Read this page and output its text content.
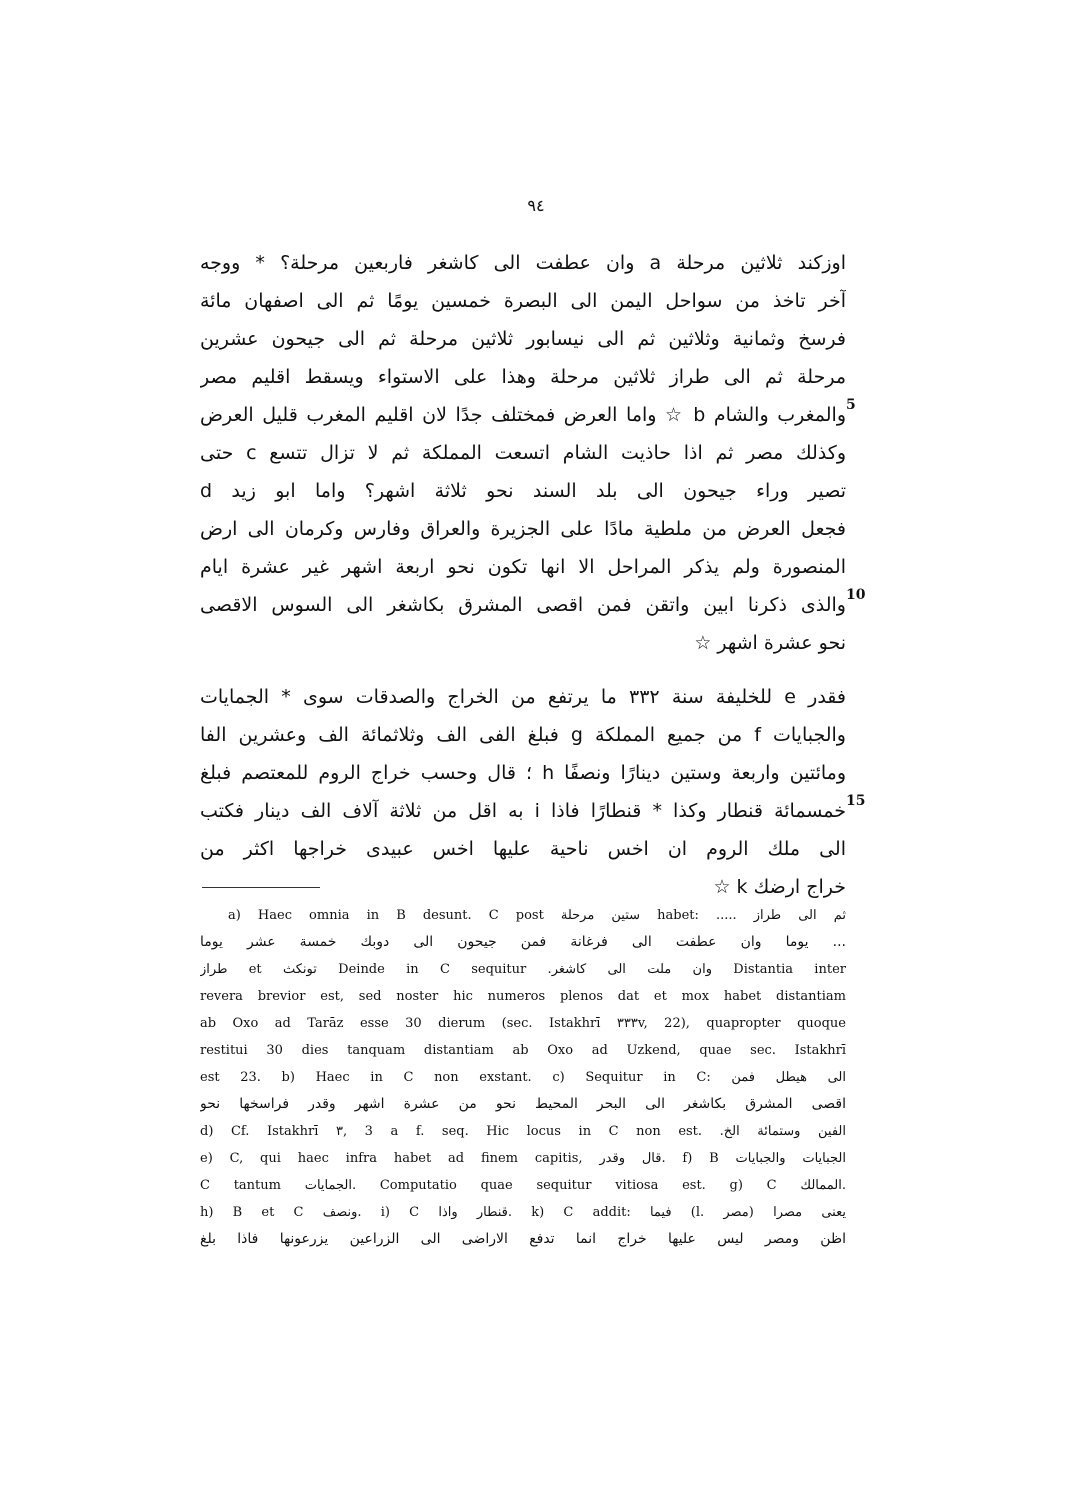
٩٤
اوزكند ثلاثين مرحلة a وان عطفت الى كاشغر فاربعين مرحلة؟ * ووجه
آخر تاخذ من سواحل اليمن الى البصرة خمسين يومًا ثم الى اصفهان مائة
فرسخ وثمانية وثلاثين ثم الى نيسابور ثلاثين مرحلة ثم الى جيحون عشرين
مرحلة ثم الى طراز ثلاثين مرحلة وهذا على الاستواء ويسقط اقليم مصر
والمغرب والشام b ☆ واما العرض فمختلف جدًا لان اقليم المغرب قليل العرض
وكذلك مصر ثم اذا حاذيت الشام اتسعت المملكة ثم لا تزال تتسع c حتى
تصير وراء جيحون الى بلد السند نحو ثلاثة اشهر؟ واما ابو زيد d
فجعل العرض من ملطية مادًا على الجزيرة والعراق وفارس وكرمان الى ارض
المنصورة ولم يذكر المراحل الا انها تكون نحو اربعة اشهر غير عشرة ايام
والذى ذكرنا ابين واتقن فمن اقصى المشرق بكاشغر الى السوس الاقصى
نحو عشرة اشهر ☆
فقدر e للخليفة سنة ٣٣٢ ما يرتفع من الخراج والصدقات سوى * الجمايات
والجبايات f من جميع المملكة g فبلغ الفى الف وثلاثمائة الف وعشرين الفا
ومائتين واربعة وستين دينارًا ونصفًا h ؛ قال وحسب خراج الروم للمعتصم فبلغ
خمسمائة قنطار وكذا * قنطارًا فاذا i به اقل من ثلاثة آلاف الف دينار فكتب
الى ملك الروم ان اخس ناحية عليها اخس عبيدى خراجها اكثر من
خراج ارضك k ☆
5
10
15
a) Haec omnia in B desunt. C post ستين مرحلة habet: ..... ثم الى طراز
... يوما وان عطفت الى فرغانة فمن جيحون الى دوبك خمسة عشر يوما
طراز et تونكث Deinde in C sequitur .وان ملت الى كاشغر Distantia inter
revera brevior est, sed noster hic numeros plenos dat et mox habet distantiam
ab Oxo ad Tarāz esse 30 dierum (sec. Istakhrī ٣٣٣v, 22), quapropter quoque
restitui 30 dies tanquam distantiam ab Oxo ad Uzkend, quae sec. Istakhrī
est 23. b) Haec in C non exstant. c) Sequitur in C: الى هيطل فمن
اقصى المشرق بكاشغر الى البحر المحيط نحو من عشرة اشهر وقدر فراسخها نحو
d) Cf. Istakhrī ٣, 3 a f. seq. Hic locus in C non est. .الفين وستمائة الخ
e) C, qui haec infra habet ad finem capitis, قال وقدر. f) B الجبايات والجبايات
C tantum الجمايات. Computatio quae sequitur vitiosa est. g) C الممالك.
h) B et C ونصف. i) C قنطار واذا. k) C addit: فيما (l. مصر) يعنى مصرا
اظن ومصر ليس عليها خراج انما تدفع الاراضى الى الزراعين يزرعونها فاذا بلغ
